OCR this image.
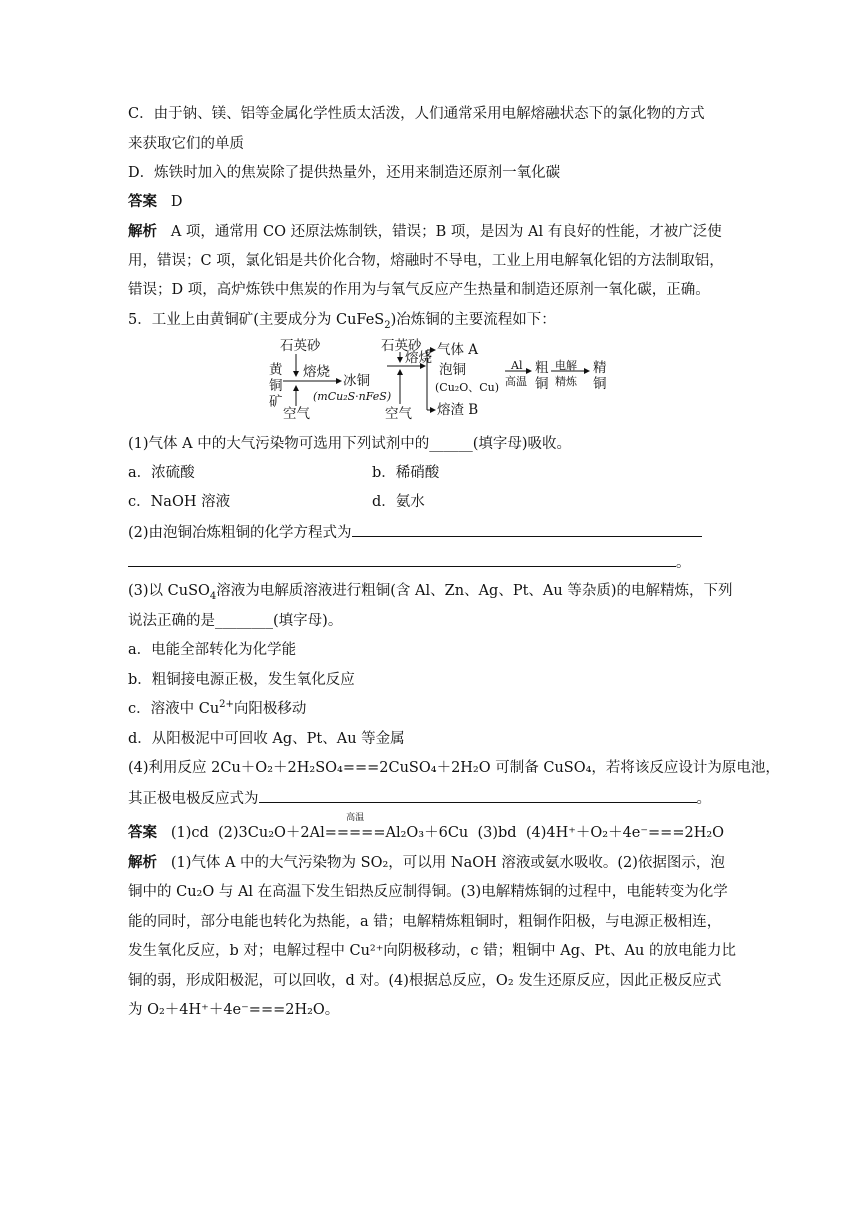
C．由于钠、镁、铝等金属化学性质太活泼，人们通常采用电解熔融状态下的氯化物的方式
来获取它们的单质
D．炼铁时加入的焦炭除了提供热量外，还用来制造还原剂一氧化碳
答案 D
解析 A 项，通常用 CO 还原法炼制铁，错误；B 项，是因为 Al 有良好的性能，才被广泛使
用，错误；C 项，氯化铝是共价化合物，熔融时不导电，工业上用电解氧化铝的方法制取铝，
错误；D 项，高炉炼铁中焦炭的作用为与氧气反应产生热量和制造还原剂一氧化碳，正确。
5．工业上由黄铜矿(主要成分为 CuFeS$_2$)冶炼铜的主要流程如下：
黄
铜
矿
石英砂
熔烧
空气
冰铜
(mCu₂S·nFeS)
石英砂
熔烧
空气
气体 A
泡铜
(Cu₂O、Cu)
熔渣 B
Al
高温
粗
铜
电解
精炼
精
铜
(1)气体 A 中的大气污染物可选用下列试剂中的______(填字母)吸收。
a．浓硫酸	b．稀硝酸
c．NaOH 溶液	d．氨水
(2)由泡铜冶炼粗铜的化学方程式为
。
(3)以 CuSO$_4$溶液为电解质溶液进行粗铜(含 Al、Zn、Ag、Pt、Au 等杂质)的电解精炼，下列
说法正确的是________(填字母)。
a．电能全部转化为化学能
b．粗铜接电源正极，发生氧化反应
c．溶液中 $Cu^{2+}$向阳极移动
d．从阳极泥中可回收 Ag、Pt、Au 等金属
(4)利用反应 2Cu＋O₂＋2H₂SO₄===2CuSO₄＋2H₂O 可制备 CuSO₄，若将该反应设计为原电池，
其正极电极反应式为	。
答案 (1)cd (2)3Cu₂O＋2Al
高温
=====Al₂O₃＋6Cu (3)bd (4)4H⁺＋O₂＋4e⁻===2H₂O
解析 (1)气体 A 中的大气污染物为 SO₂，可以用 NaOH 溶液或氨水吸收。(2)依据图示，泡
铜中的 Cu₂O 与 Al 在高温下发生铝热反应制得铜。(3)电解精炼铜的过程中，电能转变为化学
能的同时，部分电能也转化为热能，a 错；电解精炼粗铜时，粗铜作阳极，与电源正极相连，
发生氧化反应，b 对；电解过程中 Cu²⁺向阴极移动，c 错；粗铜中 Ag、Pt、Au 的放电能力比
铜的弱，形成阳极泥，可以回收，d 对。(4)根据总反应，O₂ 发生还原反应，因此正极反应式
为 O₂＋4H⁺＋4e⁻===2H₂O。
